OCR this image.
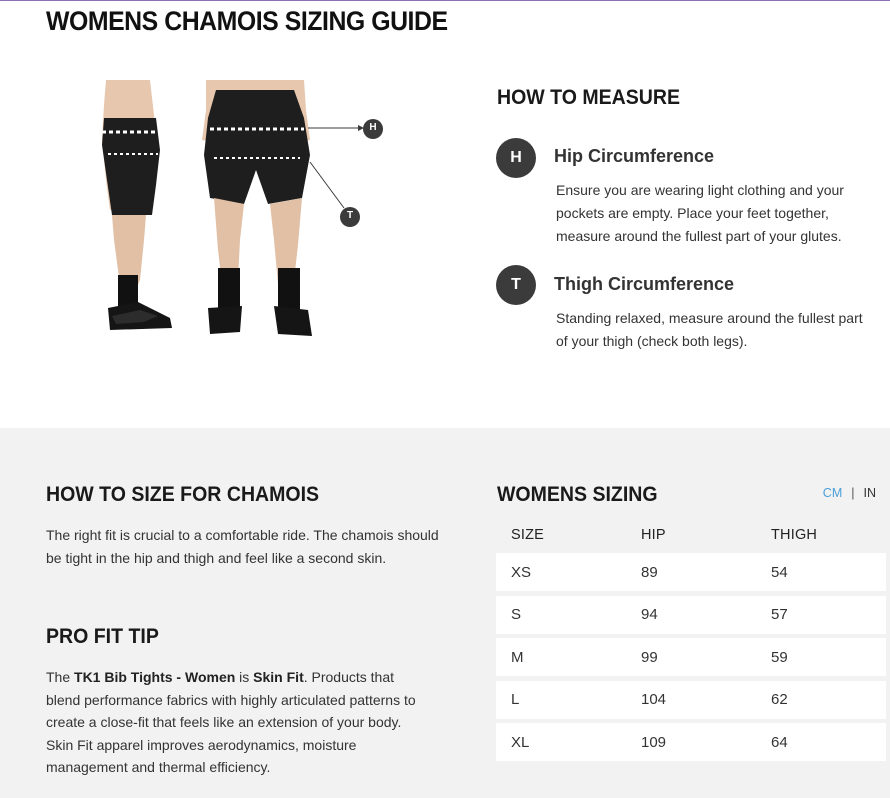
WOMENS CHAMOIS SIZING GUIDE
H
T
HOW TO MEASURE
H	Hip Circumference

Ensure you are wearing light clothing and your pockets are empty. Place your feet together, measure around the fullest part of your glutes.

T	Thigh Circumference

Standing relaxed, measure around the fullest part of your thigh (check both legs).

HOW TO SIZE FOR CHAMOIS

The right fit is crucial to a comfortable ride. The chamois should be tight in the hip and thigh and feel like a second skin.

PRO FIT TIP

The TK1 Bib Tights - Women is Skin Fit. Products that blend performance fabrics with highly articulated patterns to create a close-fit that feels like an extension of your body. Skin Fit apparel improves aerodynamics, moisture management and thermal efficiency.

WOMENS SIZING	CM | IN
SIZE	HIP	THIGH
XS	89	54
S	94	57
M	99	59
L	104	62
XL	109	64
